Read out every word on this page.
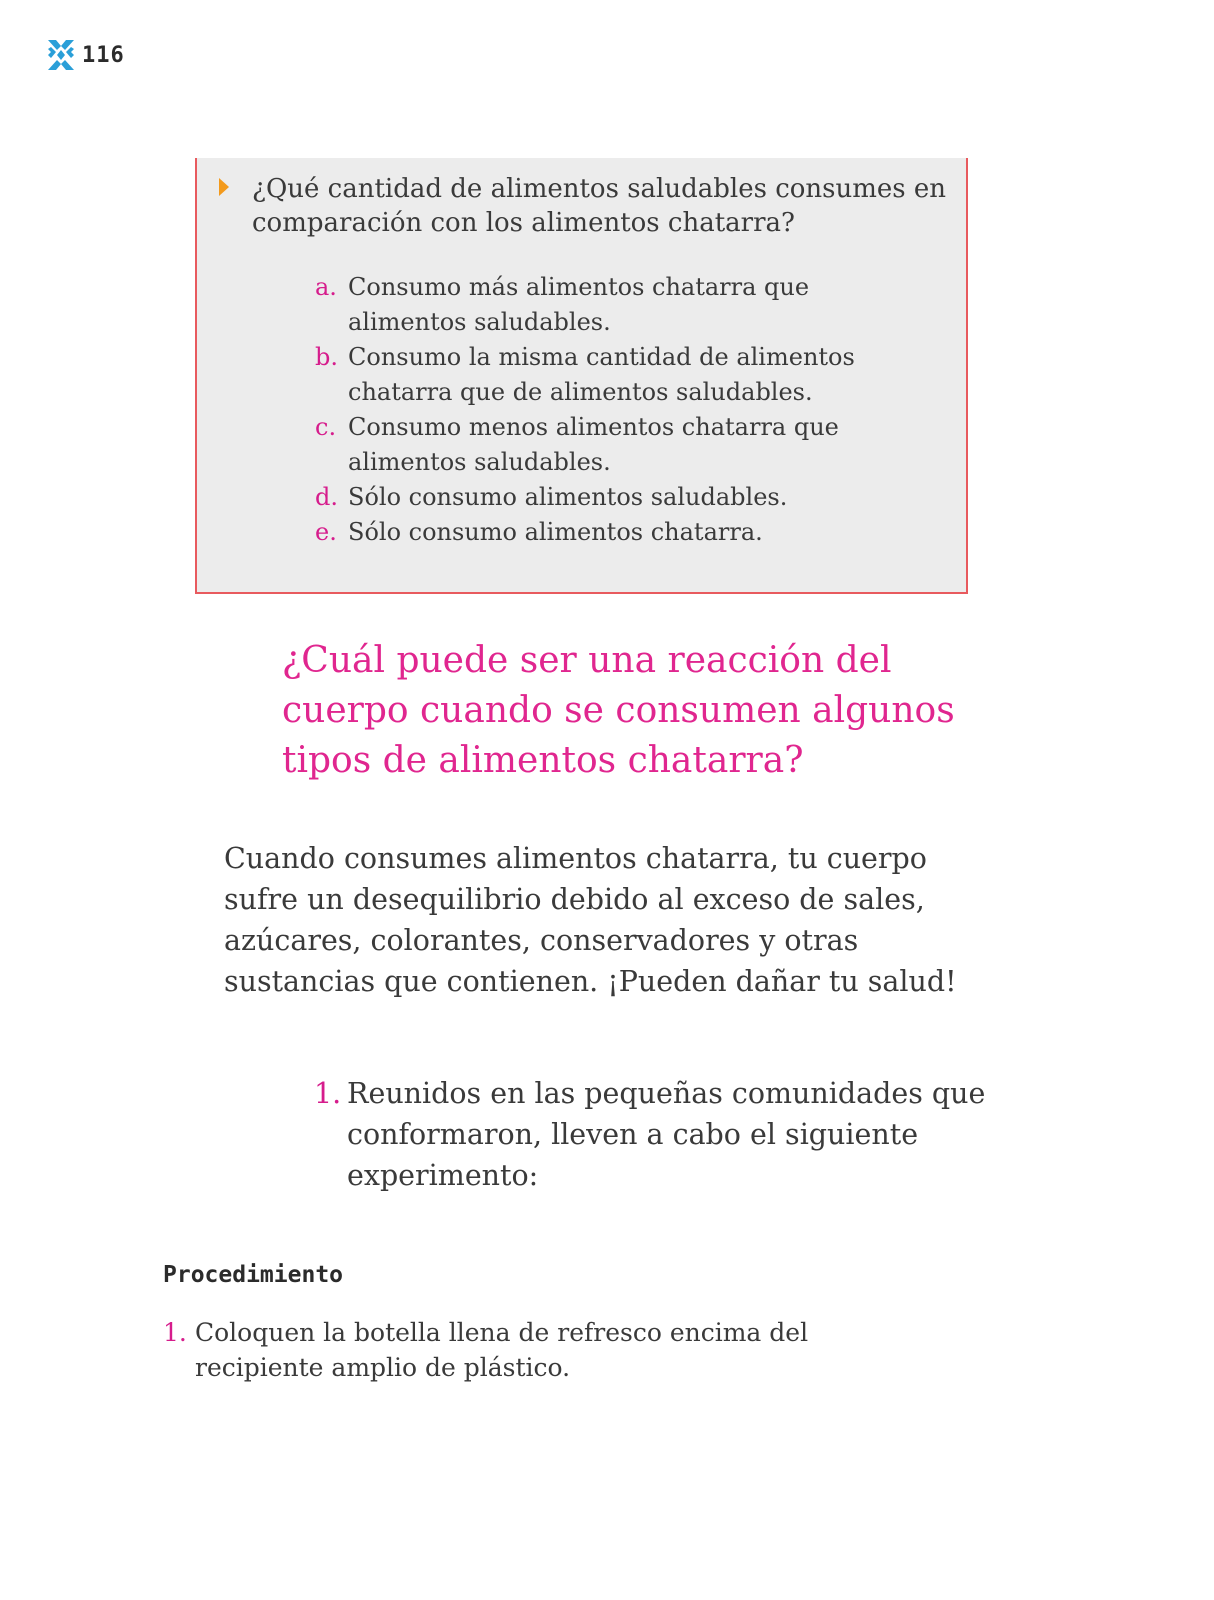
116
¿Qué cantidad de alimentos saludables consumes en comparación con los alimentos chatarra?
a. Consumo más alimentos chatarra que alimentos saludables.
b. Consumo la misma cantidad de alimentos chatarra que de alimentos saludables.
c. Consumo menos alimentos chatarra que alimentos saludables.
d. Sólo consumo alimentos saludables.
e. Sólo consumo alimentos chatarra.
¿Cuál puede ser una reacción del cuerpo cuando se consumen algunos tipos de alimentos chatarra?

Cuando consumes alimentos chatarra, tu cuerpo sufre un desequilibrio debido al exceso de sales, azúcares, colorantes, conservadores y otras sustancias que contienen. ¡Pueden dañar tu salud!

1. Reunidos en las pequeñas comunidades que conformaron, lleven a cabo el siguiente experimento:
Procedimiento
1. Coloquen la botella llena de refresco encima del recipiente amplio de plástico.
